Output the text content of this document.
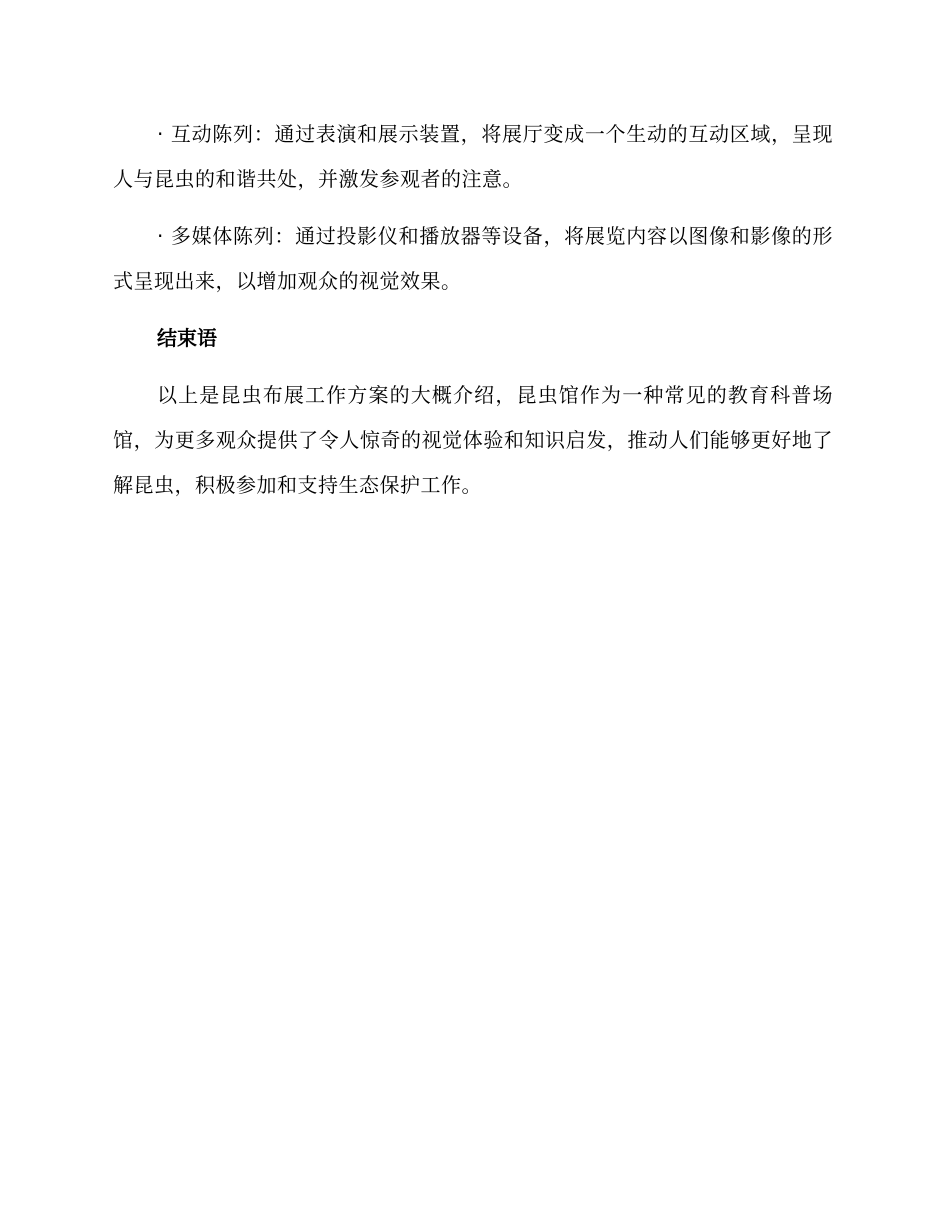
· 互动陈列：通过表演和展示装置，将展厅变成一个生动的互动区域，呈现人与昆虫的和谐共处，并激发参观者的注意。

· 多媒体陈列：通过投影仪和播放器等设备，将展览内容以图像和影像的形式呈现出来，以增加观众的视觉效果。

结束语

以上是昆虫布展工作方案的大概介绍，昆虫馆作为一种常见的教育科普场馆，为更多观众提供了令人惊奇的视觉体验和知识启发，推动人们能够更好地了解昆虫，积极参加和支持生态保护工作。
